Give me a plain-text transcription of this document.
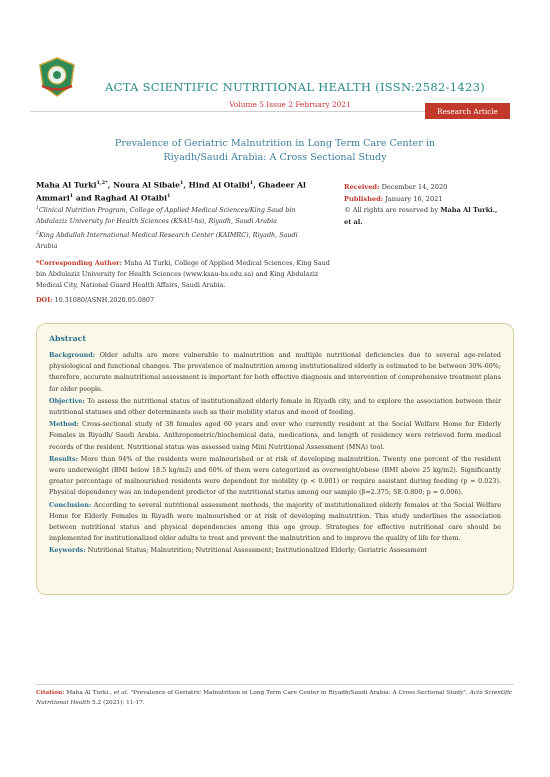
ACTA SCIENTIFIC NUTRITIONAL HEALTH (ISSN:2582-1423)
Volume 5 Issue 2 February 2021
Research Article
Prevalence of Geriatric Malnutrition in Long Term Care Center in
Riyadh/Saudi Arabia: A Cross Sectional Study
Maha Al Turki$^{1,2*}$, Noura Al Sibaie$^1$, Hind Al Otaibi$^1$, Ghadeer Al
Ammari$^1$ and Raghad Al Otaibi$^1$
$^1$Clinical Nutrition Program, College of Applied Medical Sciences/King Saud bin Abdulaziz University for Health Sciences (KSAU-hs), Riyadh, Saudi Arabia
$^2$King Abdullah International Medical Research Center (KAIMRC), Riyadh, Saudi Arabia
*Corresponding Author: Maha Al Turki, College of Applied Medical Sciences, King Saud bin Abdulaziz University for Health Sciences (www.ksau-hs.edu.sa) and King Abdulaziz Medical City, National Guard Health Affairs, Saudi Arabia.
DOI: 10.31080/ASNH.2020.05.0807
Received: December 14, 2020
Published: January 16, 2021
© All rights are reserved by Maha Al Turki., et al.
Abstract

Background: Older adults are more vulnerable to malnutrition and multiple nutritional deficiencies due to several age-related physiological and functional changes. The prevalence of malnutrition among institutionalized elderly is estimated to be between 30%-60%; therefore, accurate malnutritional assessment is important for both effective diagnosis and intervention of comprehensive treatment plans for older people.

Objective: To assess the nutritional status of institutionalized elderly female in Riyadh city, and to explore the association between their nutritional statuses and other determinants such as their mobility status and mood of feeding.

Method: Cross-sectional study of 38 females aged 60 years and over who currently resident at the Social Welfare Home for Elderly Females in Riyadh/ Saudi Arabia. Anthropometric/biochemical data, medications, and length of residency were retrieved form medical records of the resident. Nutritional status was assessed using Mini Nutritional Assessment (MNA) tool.

Results: More than 94% of the residents were malnourished or at risk of developing malnutrition. Twenty one percent of the resident were underweight (BMI below 18.5 kg/m2) and 60% of them were categorized as overweight/obese (BMI above 25 kg/m2). Significantly greater percentage of malnourished residents were dependent for mobility (p < 0.001) or require assistant during feeding (p = 0.023). Physical dependency was an independent predictor of the nutritional status among our sample (β=2.375; SE 0.800; p = 0.006).

Conclusion: According to several nutritional assessment methods, the majority of institutionalized elderly females at the Social Welfare Home for Elderly Females in Riyadh were malnourished or at risk of developing malnutrition. This study underlines the association between nutritional status and physical dependencies among this age group. Strategies for effective nutritional care should be implemented for institutionalized older adults to treat and prevent the malnutrition and to improve the quality of life for them.

Keywords: Nutritional Status; Malnutrition; Nutritional Assessment; Institutionalized Elderly; Geriatric Assessment

Citation: Maha Al Turki., et al. "Prevalence of Geriatric Malnutrition in Long Term Care Center in Riyadh/Saudi Arabia: A Cross Sectional Study". Acta Scientific Nutritional Health 5.2 (2021): 11-17.
